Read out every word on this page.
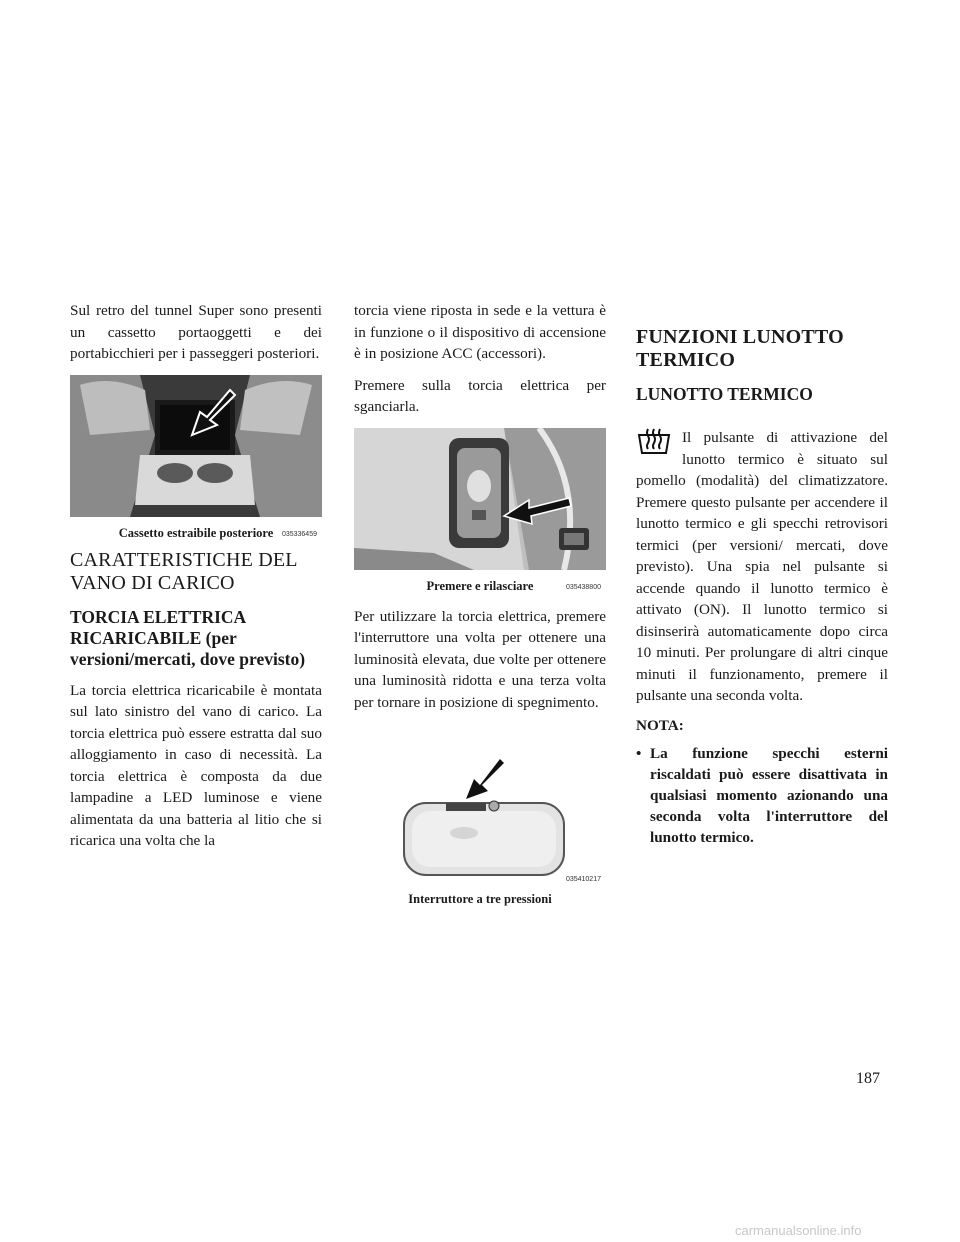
Sul retro del tunnel Super sono presenti un cassetto portaoggetti e dei portabicchieri per i passeggeri posteriori.

035336459
Cassetto estraibile posteriore
CARATTERISTICHE DEL VANO DI CARICO
TORCIA ELETTRICA RICARICABILE (per versioni/mercati, dove previsto)

La torcia elettrica ricaricabile è montata sul lato sinistro del vano di carico. La torcia elettrica può essere estratta dal suo alloggiamento in caso di necessità. La torcia elettrica è composta da due lampadine a LED luminose e viene alimentata da una batteria al litio che si ricarica una volta che la

torcia viene riposta in sede e la vettura è in funzione o il dispositivo di accensione è in posizione ACC (accessori).

Premere sulla torcia elettrica per sganciarla.

035438800
Premere e rilasciare

Per utilizzare la torcia elettrica, premere l'interruttore una volta per ottenere una luminosità elevata, due volte per ottenere una luminosità ridotta e una terza volta per tornare in posizione di spegnimento.

035410217
Interruttore a tre pressioni
FUNZIONI LUNOTTO TERMICO
LUNOTTO TERMICO

Il pulsante di attivazione del lunotto termico è situato sul pomello (modalità) del climatizzatore. Premere questo pulsante per accendere il lunotto termico e gli specchi retrovisori termici (per versioni/ mercati, dove previsto). Una spia nel pulsante si accende quando il lunotto termico è attivato (ON). Il lunotto termico si disinserirà automaticamente dopo circa 10 minuti. Per prolungare di altri cinque minuti il funzionamento, premere il pulsante una seconda volta.

NOTA:
• La funzione specchi esterni riscaldati può essere disattivata in qualsiasi momento azionando una seconda volta l'interruttore del lunotto termico.
187
carmanualsonline.info
